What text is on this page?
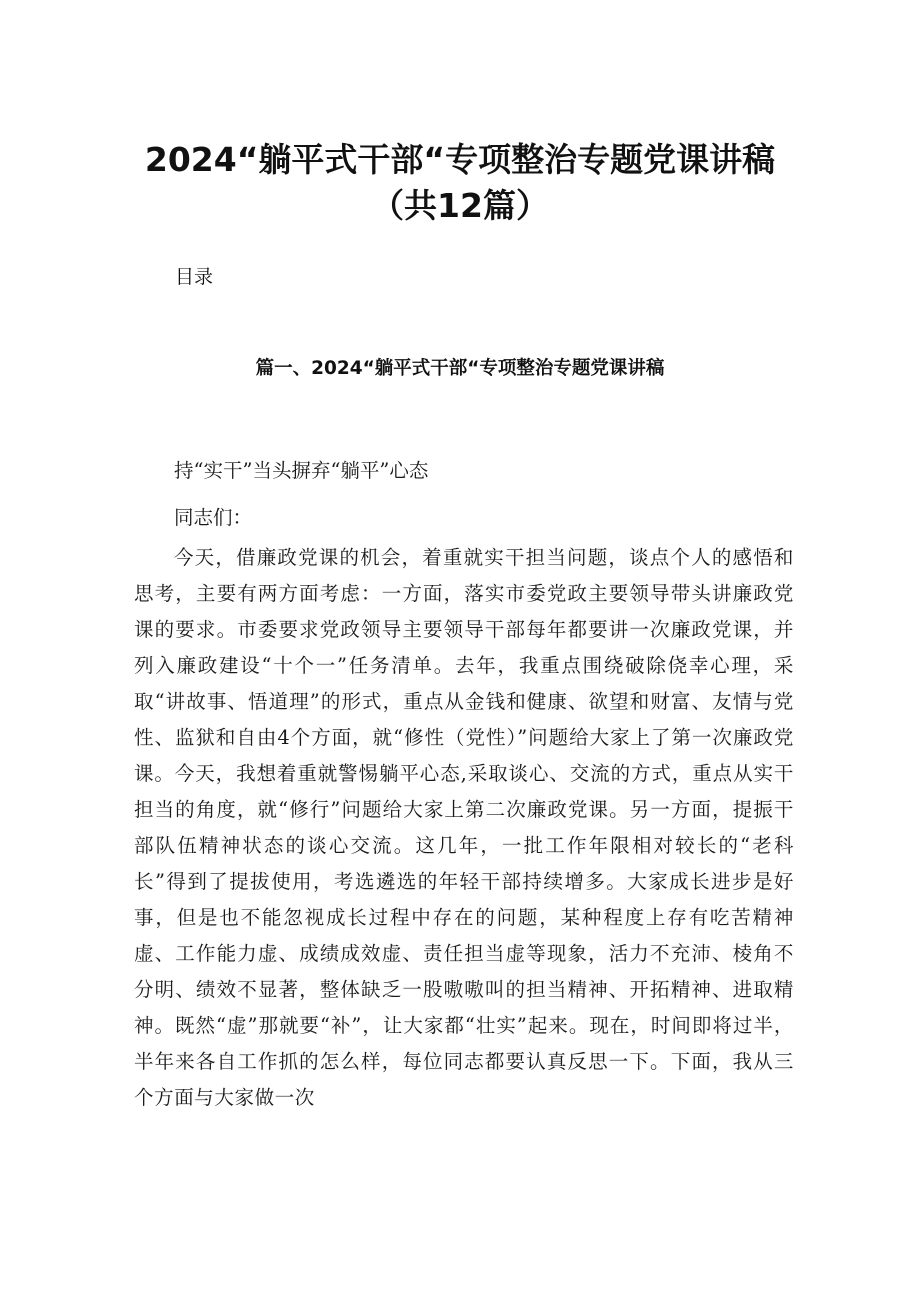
2024“躺平式干部“专项整治专题党课讲稿
（共12篇）
目录
篇一、2024“躺平式干部“专项整治专题党课讲稿
持“实干”当头摒弃“躺平”心态
同志们：
今天，借廉政党课的机会，着重就实干担当问题，谈点个人的感悟和思考，主要有两方面考虑：一方面，落实市委党政主要领导带头讲廉政党课的要求。市委要求党政领导主要领导干部每年都要讲一次廉政党课，并列入廉政建设“十个一”任务清单。去年，我重点围绕破除侥幸心理，采取“讲故事、悟道理”的形式，重点从金钱和健康、欲望和财富、友情与党性、监狱和自由4个方面，就“修性（党性）”问题给大家上了第一次廉政党课。今天，我想着重就警惕躺平心态,采取谈心、交流的方式，重点从实干担当的角度，就“修行”问题给大家上第二次廉政党课。另一方面，提振干部队伍精神状态的谈心交流。这几年，一批工作年限相对较长的“老科长”得到了提拔使用，考选遴选的年轻干部持续增多。大家成长进步是好事，但是也不能忽视成长过程中存在的问题，某种程度上存有吃苦精神虚、工作能力虚、成绩成效虚、责任担当虚等现象，活力不充沛、棱角不分明、绩效不显著，整体缺乏一股嗷嗷叫的担当精神、开拓精神、进取精神。既然“虚”那就要“补”，让大家都“壮实”起来。现在，时间即将过半，半年来各自工作抓的怎么样，每位同志都要认真反思一下。下面，我从三个方面与大家做一次
